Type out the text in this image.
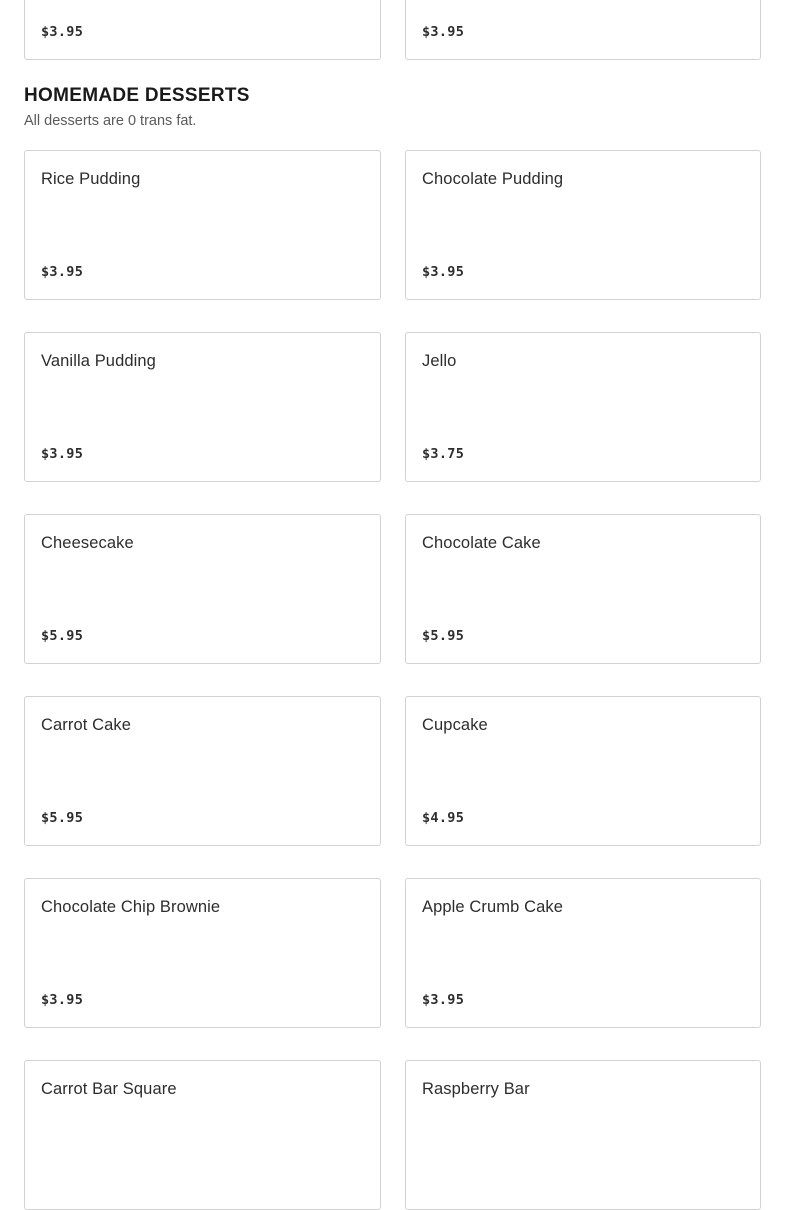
$3.95	$3.95
HOMEMADE DESSERTS

All desserts are 0 trans fat.

Rice Pudding
$3.95
Chocolate Pudding
$3.95
Vanilla Pudding
$3.95
Jello
$3.75
Cheesecake
$5.95
Chocolate Cake
$5.95
Carrot Cake
$5.95
Cupcake
$4.95
Chocolate Chip Brownie
$3.95
Apple Crumb Cake
$3.95
Carrot Bar Square	Raspberry Bar
